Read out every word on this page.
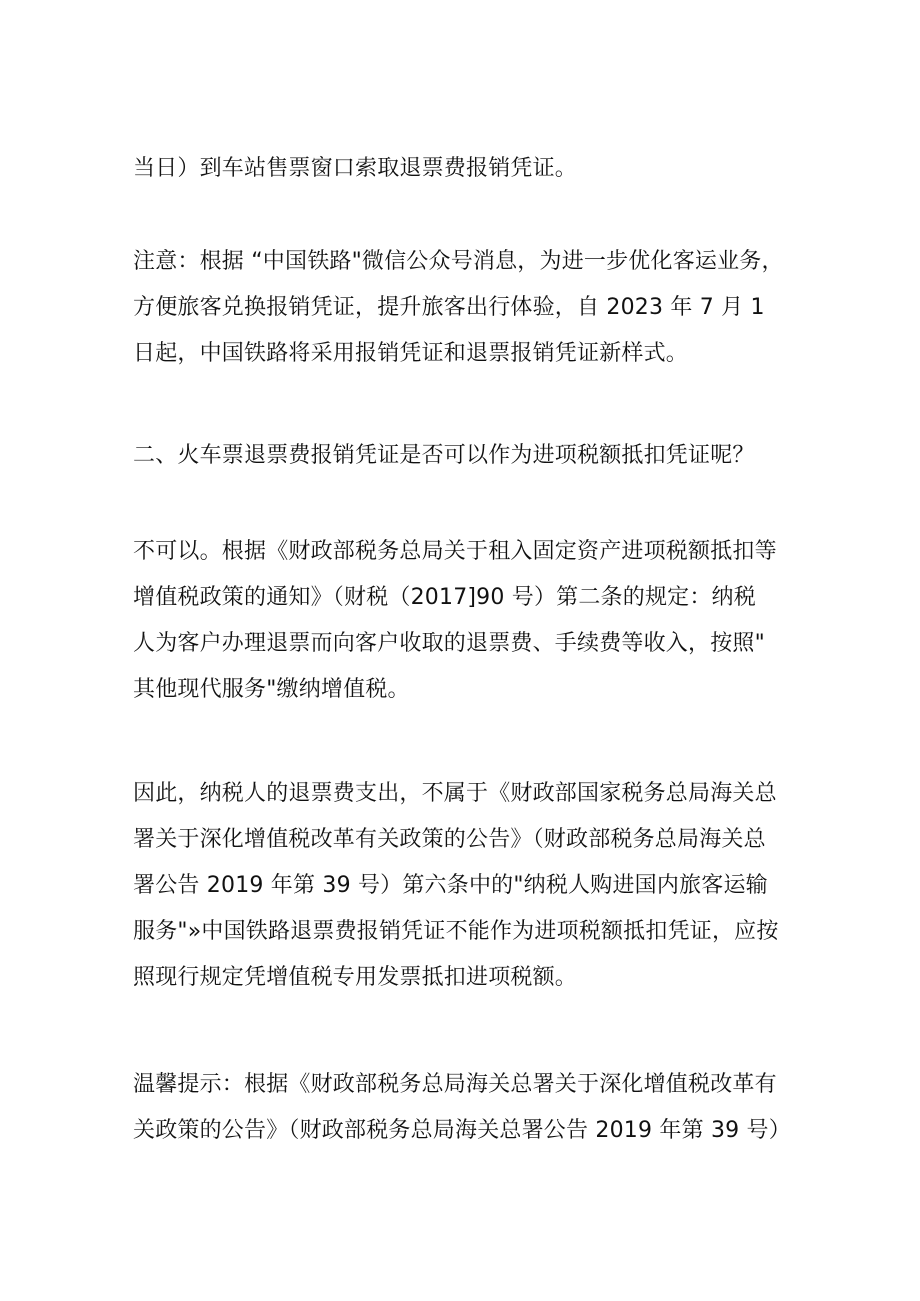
当日）到车站售票窗口索取退票费报销凭证。
注意：根据 “中国铁路"微信公众号消息，为进一步优化客运业务，
方便旅客兑换报销凭证，提升旅客出行体验，自 2023 年 7 月 1
日起，中国铁路将采用报销凭证和退票报销凭证新样式。
二、火车票退票费报销凭证是否可以作为进项税额抵扣凭证呢？
不可以。根据《财政部税务总局关于租入固定资产进项税额抵扣等
增值税政策的通知》（财税（2017]90 号）第二条的规定：纳税
人为客户办理退票而向客户收取的退票费、手续费等收入，按照"
其他现代服务"缴纳增值税。
因此，纳税人的退票费支出，不属于《财政部国家税务总局海关总
署关于深化增值税改革有关政策的公告》（财政部税务总局海关总
署公告 2019 年第 39 号）第六条中的"纳税人购进国内旅客运输
服务"»中国铁路退票费报销凭证不能作为进项税额抵扣凭证，应按
照现行规定凭增值税专用发票抵扣进项税额。
温馨提示：根据《财政部税务总局海关总署关于深化增值税改革有
关政策的公告》（财政部税务总局海关总署公告 2019 年第 39 号）
